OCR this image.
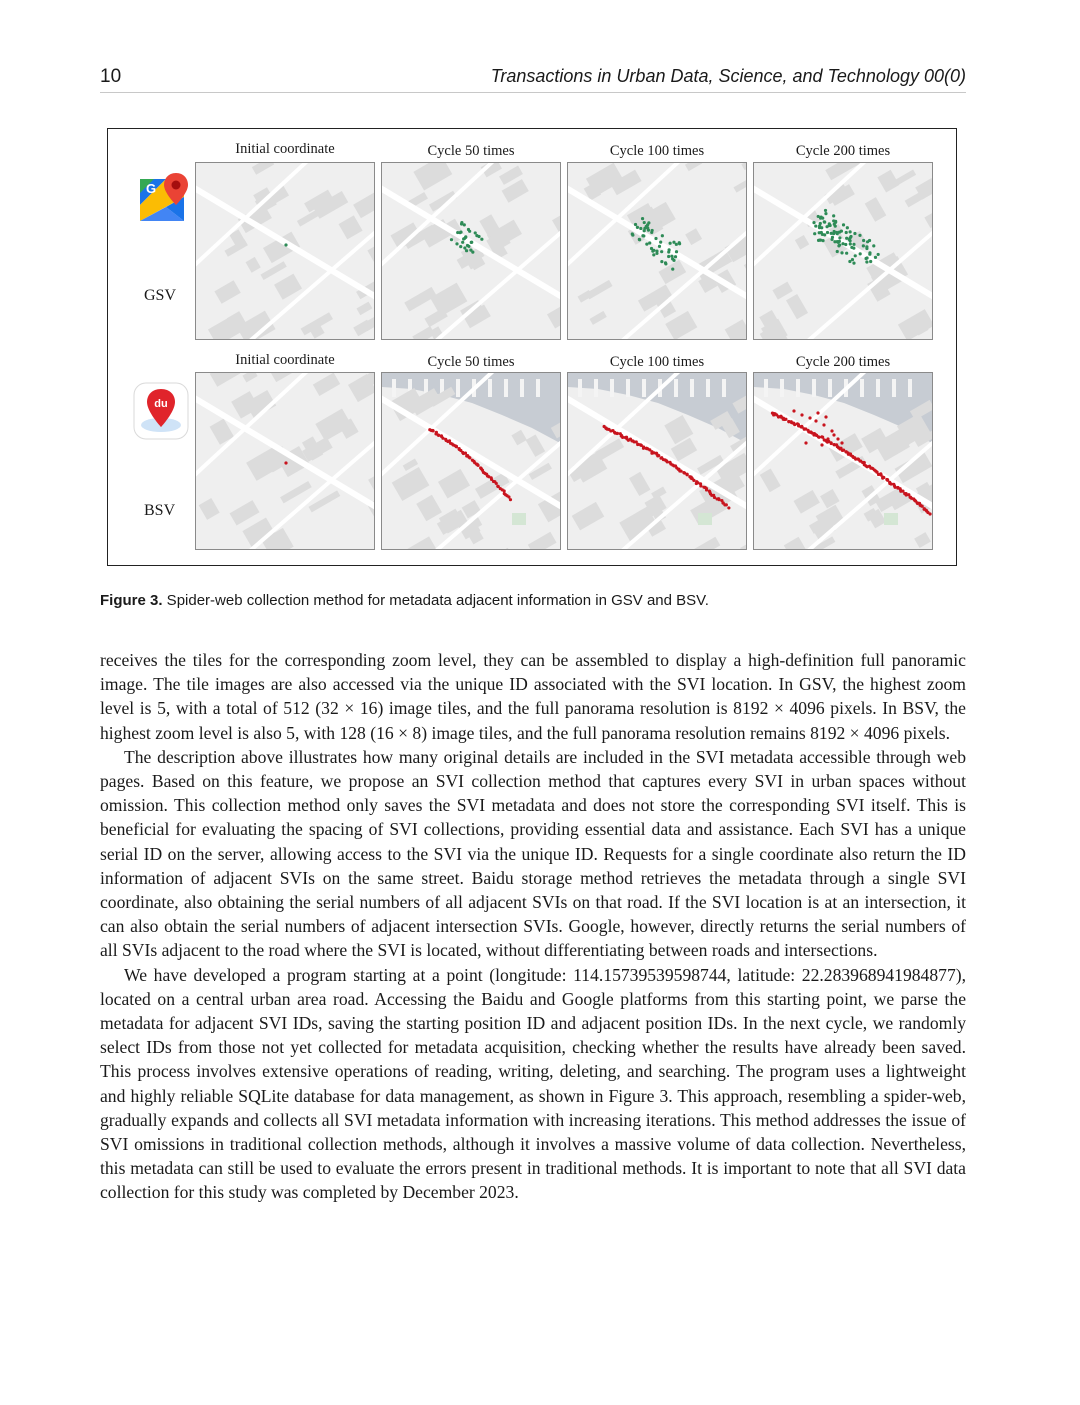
10	Transactions in Urban Data, Science, and Technology 00(0)
Initial coordinate	Cycle 50 times	Cycle 100 times	Cycle 200 times
Initial coordinate	Cycle 50 times	Cycle 100 times	Cycle 200 times
G
GSV
du
BSV
Figure 3. Spider-web collection method for metadata adjacent information in GSV and BSV.

receives the tiles for the corresponding zoom level, they can be assembled to display a high-definition full panoramic image. The tile images are also accessed via the unique ID associated with the SVI location. In GSV, the highest zoom level is 5, with a total of 512 (32 × 16) image tiles, and the full panorama resolution is 8192 × 4096 pixels. In BSV, the highest zoom level is also 5, with 128 (16 × 8) image tiles, and the full panorama resolution remains 8192 × 4096 pixels.

The description above illustrates how many original details are included in the SVI metadata accessible through web pages. Based on this feature, we propose an SVI collection method that captures every SVI in urban spaces without omission. This collection method only saves the SVI metadata and does not store the corresponding SVI itself. This is beneficial for evaluating the spacing of SVI collections, providing essential data and assistance. Each SVI has a unique serial ID on the server, allowing access to the SVI via the unique ID. Requests for a single coordinate also return the ID information of adjacent SVIs on the same street. Baidu storage method retrieves the metadata through a single SVI coordinate, also obtaining the serial numbers of all adjacent SVIs on that road. If the SVI location is at an intersection, it can also obtain the serial numbers of adjacent intersection SVIs. Google, however, directly returns the serial numbers of all SVIs adjacent to the road where the SVI is located, without differentiating between roads and intersections.

We have developed a program starting at a point (longitude: 114.15739539598744, latitude: 22.283968941984877), located on a central urban area road. Accessing the Baidu and Google platforms from this starting point, we parse the metadata for adjacent SVI IDs, saving the starting position ID and adjacent position IDs. In the next cycle, we randomly select IDs from those not yet collected for metadata acquisition, checking whether the results have already been saved. This process involves extensive operations of reading, writing, deleting, and searching. The program uses a lightweight and highly reliable SQLite database for data management, as shown in Figure 3. This approach, resembling a spider-web, gradually expands and collects all SVI metadata information with increasing iterations. This method addresses the issue of SVI omissions in traditional collection methods, although it involves a massive volume of data collection. Nevertheless, this metadata can still be used to evaluate the errors present in traditional methods. It is important to note that all SVI data collection for this study was completed by December 2023.
